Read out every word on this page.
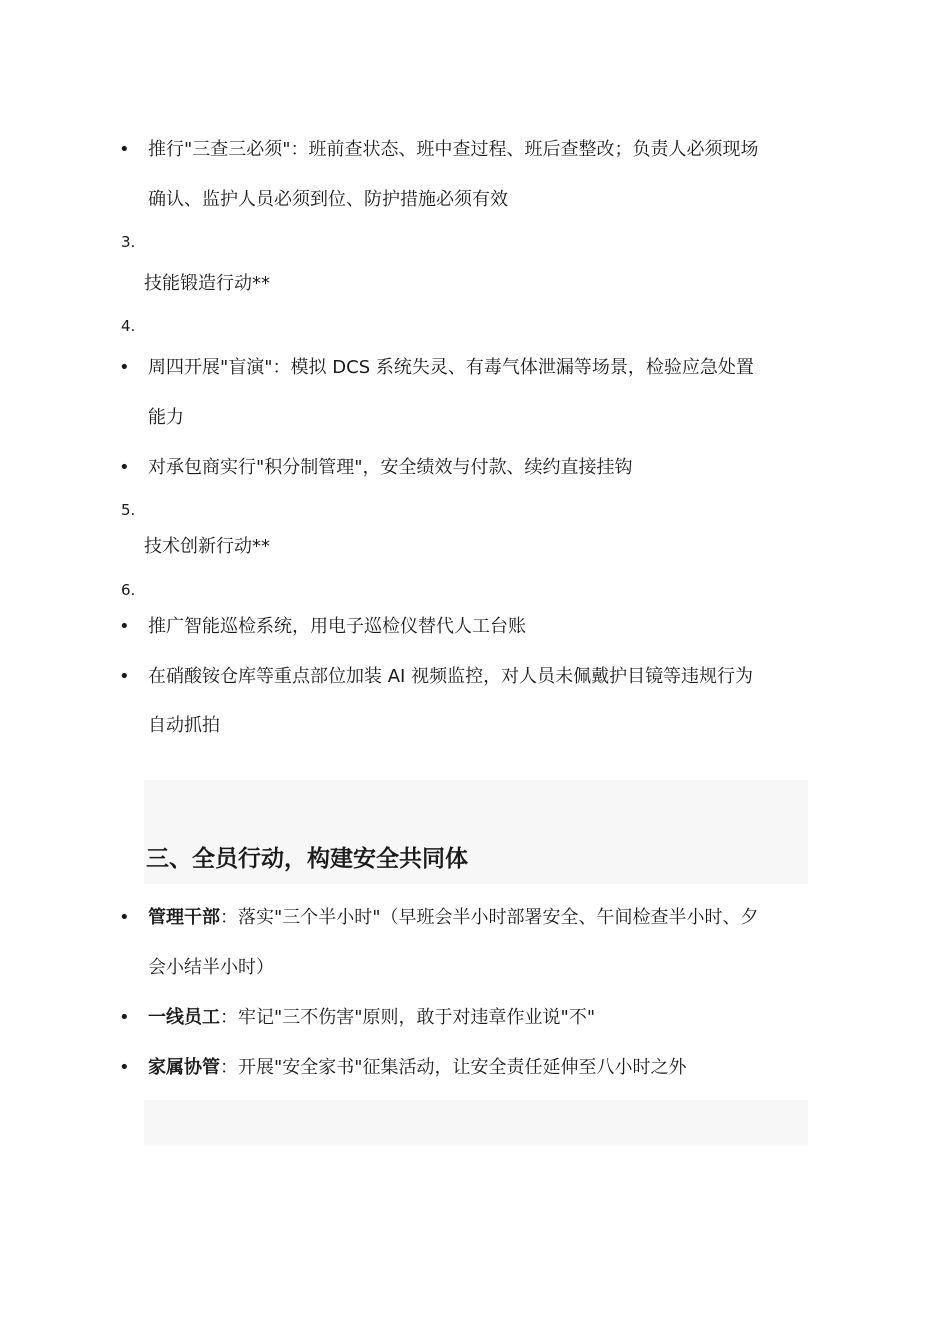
• 推行"三查三必须"：班前查状态、班中查过程、班后查整改；负责人必须现场
确认、监护人员必须到位、防护措施必须有效
3.
技能锻造行动**
4.
• 周四开展"盲演"：模拟 DCS 系统失灵、有毒气体泄漏等场景，检验应急处置
能力
• 对承包商实行"积分制管理"，安全绩效与付款、续约直接挂钩
5.
技术创新行动**
6.
• 推广智能巡检系统，用电子巡检仪替代人工台账
• 在硝酸铵仓库等重点部位加装 AI 视频监控，对人员未佩戴护目镜等违规行为
自动抓拍
三、全员行动，构建安全共同体
• 管理干部：落实"三个半小时"（早班会半小时部署安全、午间检查半小时、夕
会小结半小时）
• 一线员工：牢记"三不伤害"原则，敢于对违章作业说"不"
• 家属协管：开展"安全家书"征集活动，让安全责任延伸至八小时之外
